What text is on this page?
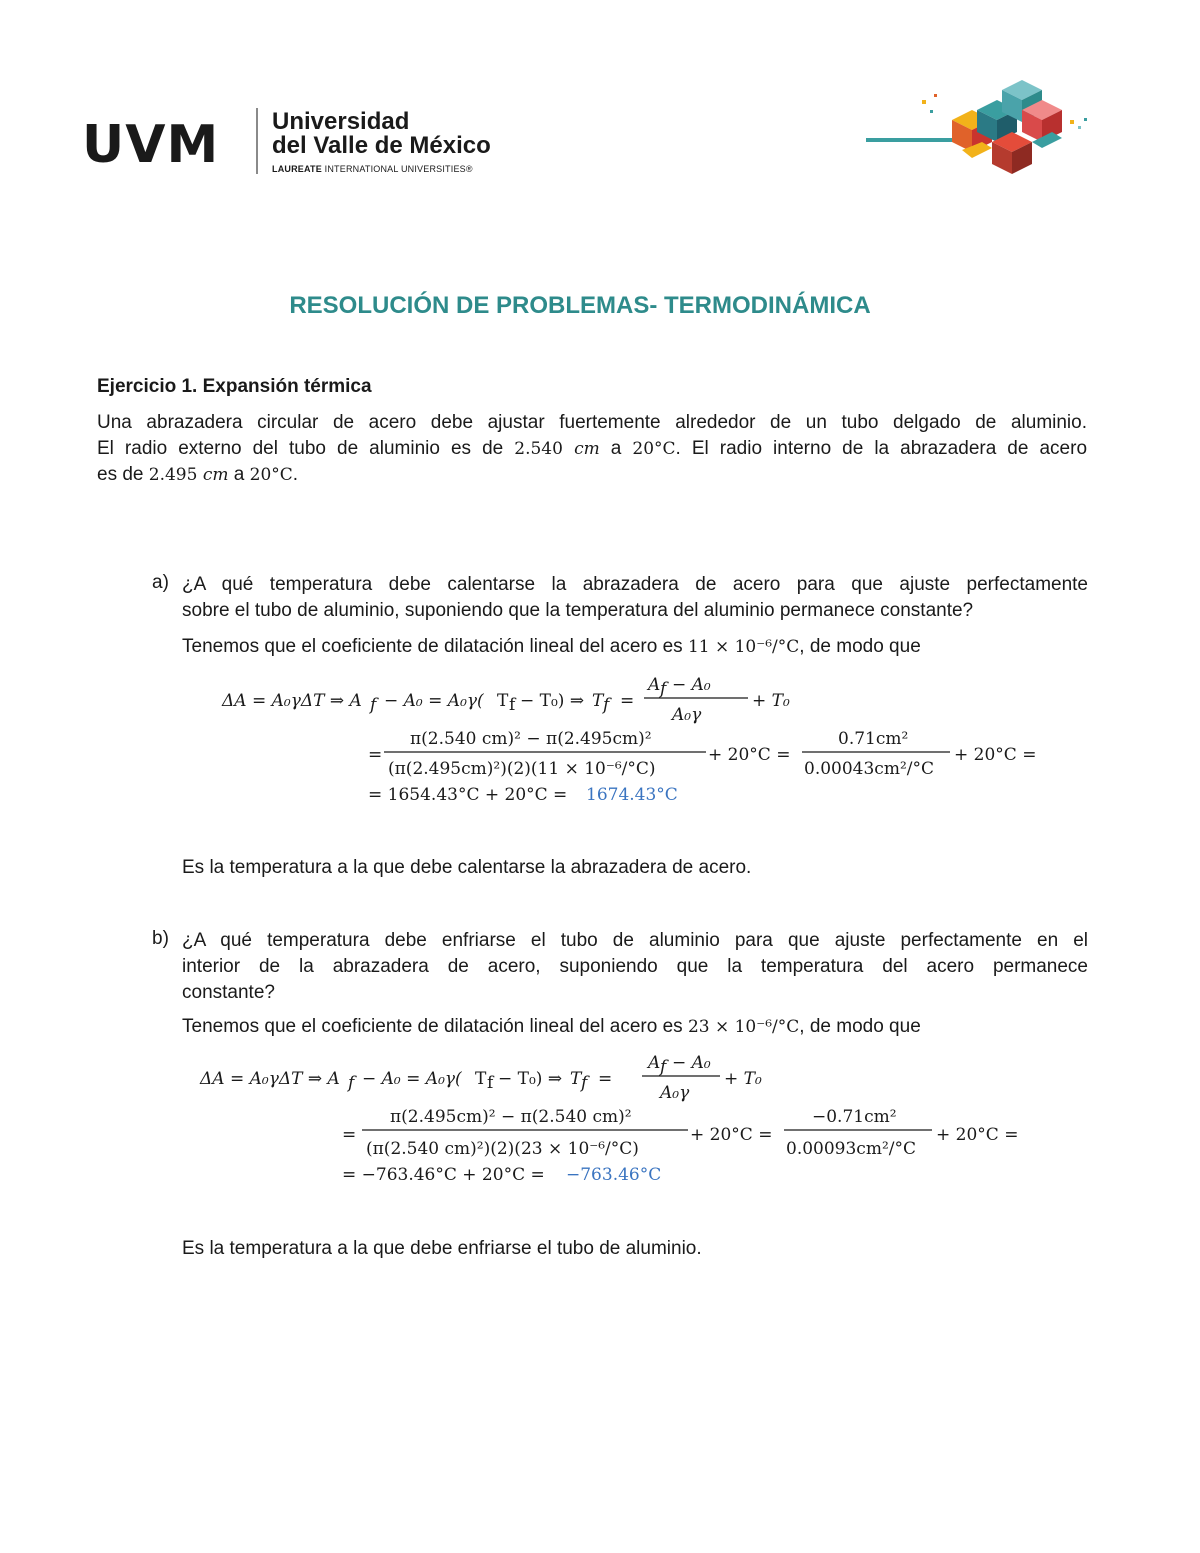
UVM Universidad
del Valle de México
LAUREATE INTERNATIONAL UNIVERSITIES®
RESOLUCIÓN DE PROBLEMAS- TERMODINÁMICA
Ejercicio 1. Expansión térmica
Una abrazadera circular de acero debe ajustar fuertemente alrededor de un tubo delgado de aluminio.
El radio externo del tubo de aluminio es de 2.540 cm a 20°C. El radio interno de la abrazadera de acero
es de 2.495 cm a 20°C.
a) ¿A qué temperatura debe calentarse la abrazadera de acero para que ajuste perfectamente
sobre el tubo de aluminio, suponiendo que la temperatura del aluminio permanece constante?
Tenemos que el coeficiente de dilatación lineal del acero es 11 × 10⁻⁶/°C, de modo que
ΔA = A₀γΔT ⇒ A f − A₀ = A₀γ( T f − T₀) ⇒ T f =
A f − A₀
A₀γ
+ T₀
=
π(2.540 cm)² − π(2.495cm)²
(π(2.495cm)²)(2)(11 × 10⁻⁶/°C)
+ 20°C =
0.71cm²
0.00043cm²/°C
+ 20°C =
= 1654.43°C + 20°C = 1674.43°C
Es la temperatura a la que debe calentarse la abrazadera de acero.
b) ¿A qué temperatura debe enfriarse el tubo de aluminio para que ajuste perfectamente en el
interior de la abrazadera de acero, suponiendo que la temperatura del acero permanece
constante?
Tenemos que el coeficiente de dilatación lineal del acero es 23 × 10⁻⁶/°C, de modo que
ΔA = A₀γΔT ⇒ A f − A₀ = A₀γ( T f − T₀) ⇒ T f =
A f − A₀
A₀γ
+ T₀
=
π(2.495cm)² − π(2.540 cm)²
(π(2.540 cm)²)(2)(23 × 10⁻⁶/°C)
+ 20°C =
−0.71cm²
0.00093cm²/°C
+ 20°C =
= −763.46°C + 20°C = −763.46°C
Es la temperatura a la que debe enfriarse el tubo de aluminio.
